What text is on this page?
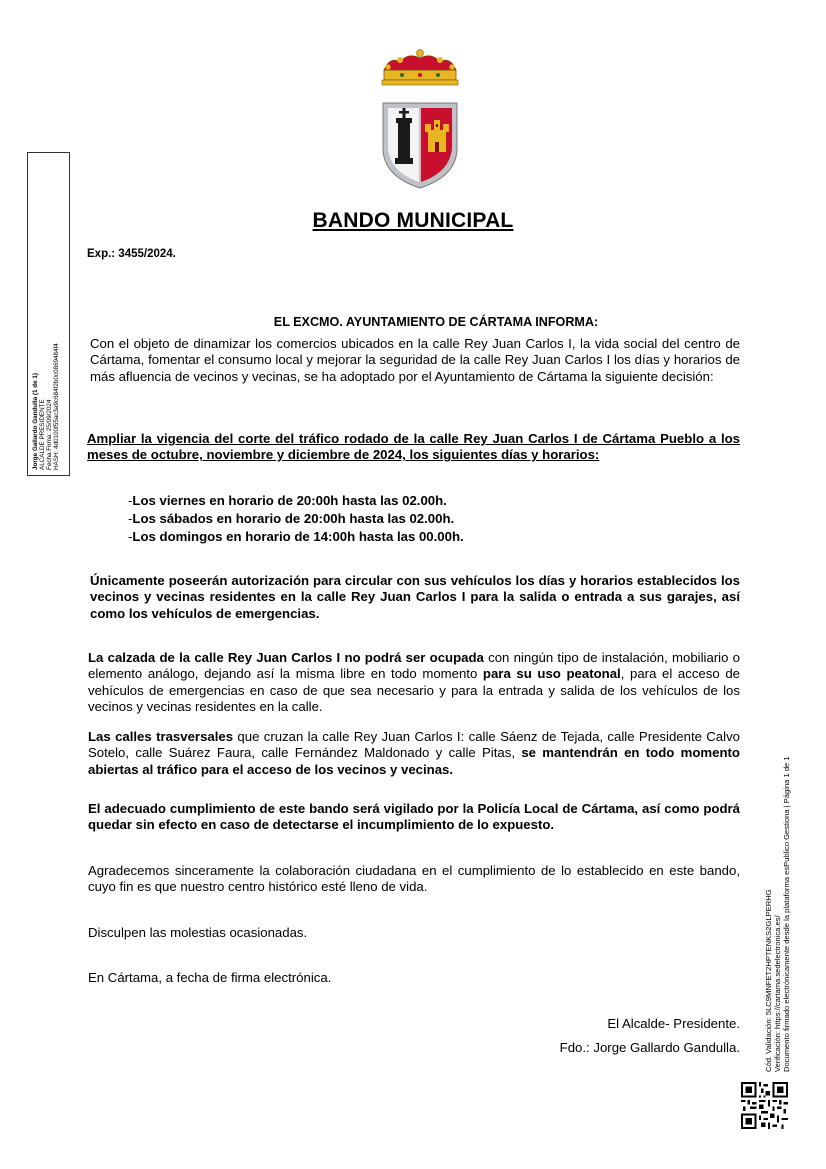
BANDO MUNICIPAL
Exp.: 3455/2024.
EL EXCMO. AYUNTAMIENTO DE CÁRTAMA INFORMA:
Con el objeto de dinamizar los comercios ubicados en la calle Rey Juan Carlos I, la vida social del centro de Cártama, fomentar el consumo local y mejorar la seguridad de la calle Rey Juan Carlos I los días y horarios de más afluencia de vecinos y vecinas, se ha adoptado por el Ayuntamiento de Cártama la siguiente decisión:
Ampliar la vigencia del corte del tráfico rodado de la calle Rey Juan Carlos I de Cártama Pueblo a los meses de octubre, noviembre y diciembre de 2024, los siguientes días y horarios:
-Los viernes en horario de 20:00h hasta las 02.00h.
-Los sábados en horario de 20:00h hasta las 02.00h.
-Los domingos en horario de 14:00h hasta las 00.00h.
Únicamente poseerán autorización para circular con sus vehículos los días y horarios establecidos los vecinos y vecinas residentes en la calle Rey Juan Carlos I para la salida o entrada a sus garajes, así como los vehículos de emergencias.
La calzada de la calle Rey Juan Carlos I no podrá ser ocupada con ningún tipo de instalación, mobiliario o elemento análogo, dejando así la misma libre en todo momento para su uso peatonal, para el acceso de vehículos de emergencias en caso de que sea necesario y para la entrada y salida de los vehículos de los vecinos y vecinas residentes en la calle.
Las calles trasversales que cruzan la calle Rey Juan Carlos I: calle Sáenz de Tejada, calle Presidente Calvo Sotelo, calle Suárez Faura, calle Fernández Maldonado y calle Pitas, se mantendrán en todo momento abiertas al tráfico para el acceso de los vecinos y vecinas.
El adecuado cumplimiento de este bando será vigilado por la Policía Local de Cártama, así como podrá quedar sin efecto en caso de detectarse el incumplimiento de lo expuesto.
Agradecemos sinceramente la colaboración ciudadana en el cumplimiento de lo establecido en este bando, cuyo fin es que nuestro centro histórico esté lleno de vida.
Disculpen las molestias ocasionadas.
En Cártama, a fecha de firma electrónica.
El Alcalde- Presidente.
Fdo.: Jorge Gallardo Gandulla.
Jorge Gallardo Gandulla (1 de 1) ALCALDE PRESIDENTE Fecha Firma: 25/09/2024 HASH: 4d0100f55ac3a9c684f2b0c0869484f4
Cód. Validación: 5LC9MNFET2HPTENKS2GLPERHG Verificación: https://cartama.sedelectronica.es/ Documento firmado electrónicamente desde la plataforma esPublico Gestiona | Página 1 de 1
